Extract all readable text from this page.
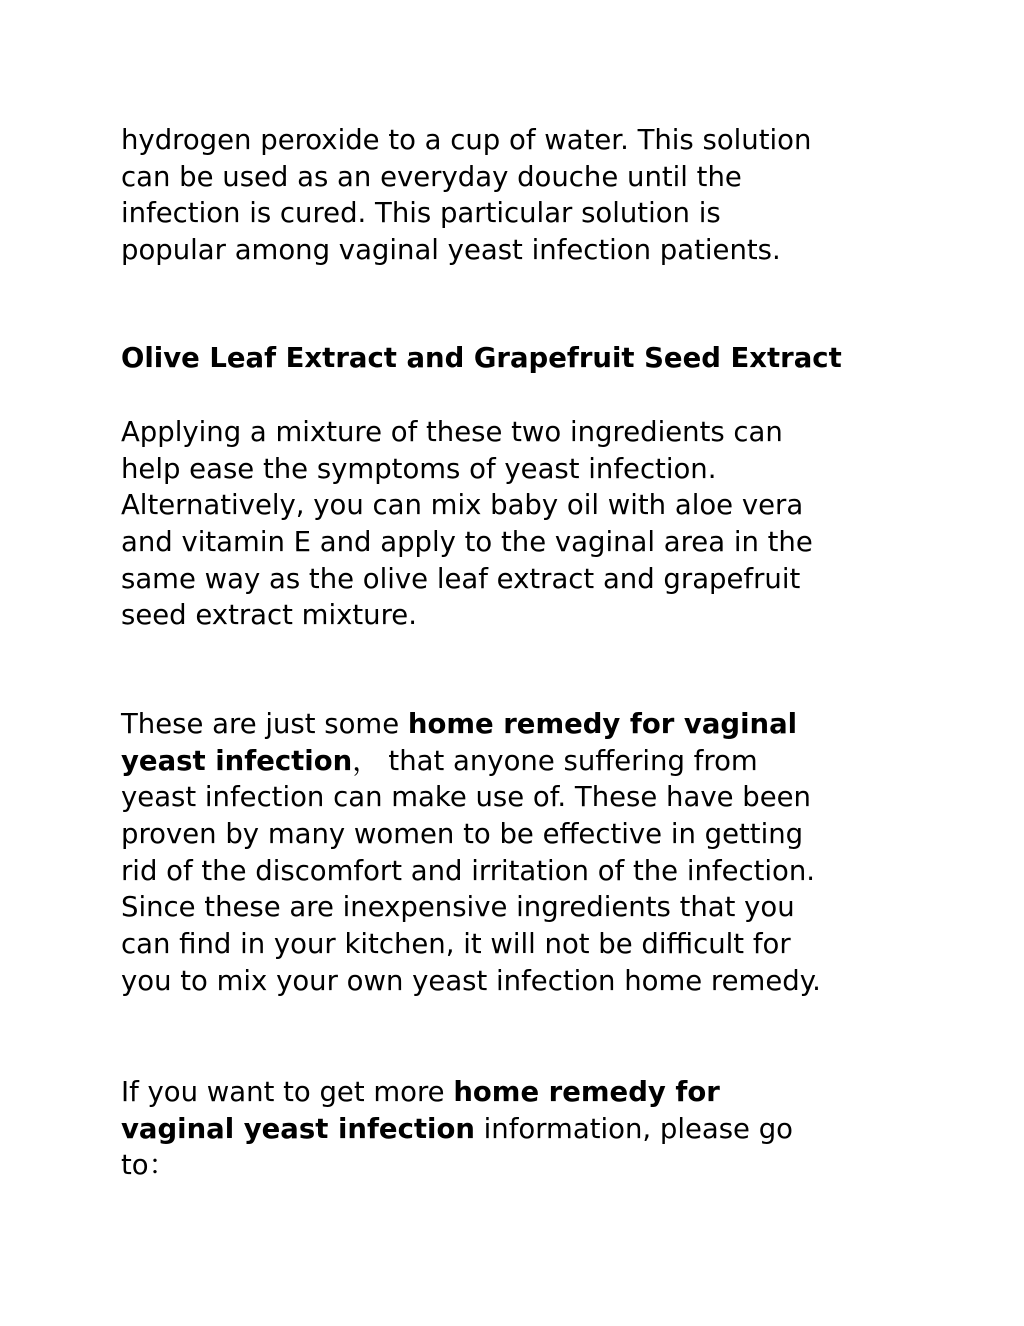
hydrogen peroxide to a cup of water. This solution
can be used as an everyday douche until the
infection is cured. This particular solution is
popular among vaginal yeast infection patients.

Olive Leaf Extract and Grapefruit Seed Extract

Applying a mixture of these two ingredients can
help ease the symptoms of yeast infection.
Alternatively, you can mix baby oil with aloe vera
and vitamin E and apply to the vaginal area in the
same way as the olive leaf extract and grapefruit
seed extract mixture.

These are just some home remedy for vaginal
yeast infection， that anyone suffering from
yeast infection can make use of. These have been
proven by many women to be effective in getting
rid of the discomfort and irritation of the infection.
Since these are inexpensive ingredients that you
can find in your kitchen, it will not be difficult for
you to mix your own yeast infection home remedy.

If you want to get more home remedy for
vaginal yeast infection information, please go
to：
